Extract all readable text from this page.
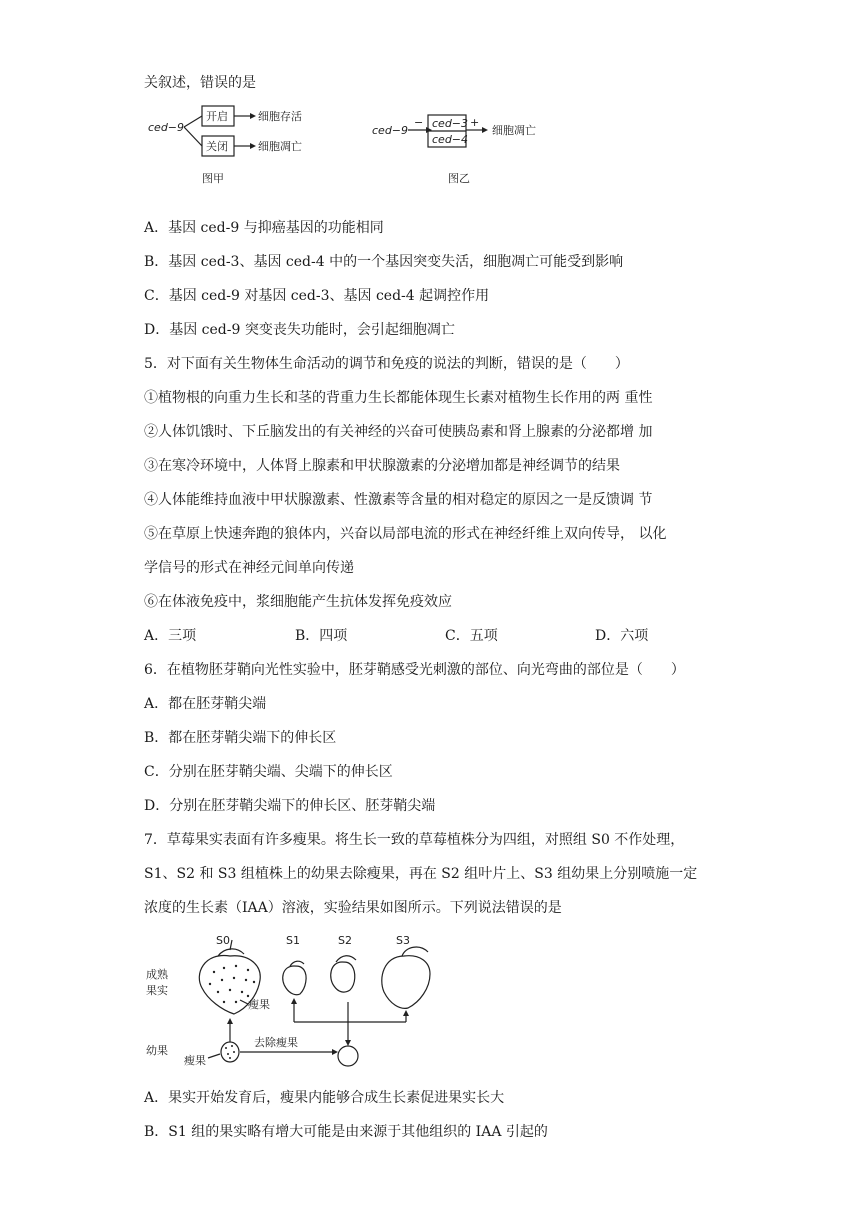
关叙述，错误的是
ced−9
开启
关闭
细胞存活
细胞凋亡
图甲
ced−9
−	+
ced−3
ced−4
细胞凋亡
图乙
A．基因 ced-9 与抑癌基因的功能相同
B．基因 ced-3、基因 ced-4 中的一个基因突变失活，细胞凋亡可能受到影响
C．基因 ced-9 对基因 ced-3、基因 ced-4 起调控作用
D．基因 ced-9 突变丧失功能时，会引起细胞凋亡
5．对下面有关生物体生命活动的调节和免疫的说法的判断，错误的是（　　）
①植物根的向重力生长和茎的背重力生长都能体现生长素对植物生长作用的两 重性
②人体饥饿时、下丘脑发出的有关神经的兴奋可使胰岛素和肾上腺素的分泌都增 加
③在寒冷环境中，人体肾上腺素和甲状腺激素的分泌增加都是神经调节的结果
④人体能维持血液中甲状腺激素、性激素等含量的相对稳定的原因之一是反馈调 节
⑤在草原上快速奔跑的狼体内，兴奋以局部电流的形式在神经纤维上双向传导， 以化
学信号的形式在神经元间单向传递
⑥在体液免疫中，浆细胞能产生抗体发挥免疫效应
A．三项	B．四项	C．五项	D．六项
6．在植物胚芽鞘向光性实验中，胚芽鞘感受光刺激的部位、向光弯曲的部位是（　　）
A．都在胚芽鞘尖端
B．都在胚芽鞘尖端下的伸长区
C．分别在胚芽鞘尖端、尖端下的伸长区
D．分别在胚芽鞘尖端下的伸长区、胚芽鞘尖端
7．草莓果实表面有许多瘦果。将生长一致的草莓植株分为四组，对照组 S0 不作处理，
S1、S2 和 S3 组植株上的幼果去除瘦果，再在 S2 组叶片上、S3 组幼果上分别喷施一定
浓度的生长素（IAA）溶液，实验结果如图所示。下列说法错误的是
S0	S1	S2	S3
成熟
果实
瘦果
幼果
瘦果
去除瘦果
A．果实开始发育后，瘦果内能够合成生长素促进果实长大
B．S1 组的果实略有增大可能是由来源于其他组织的 IAA 引起的
